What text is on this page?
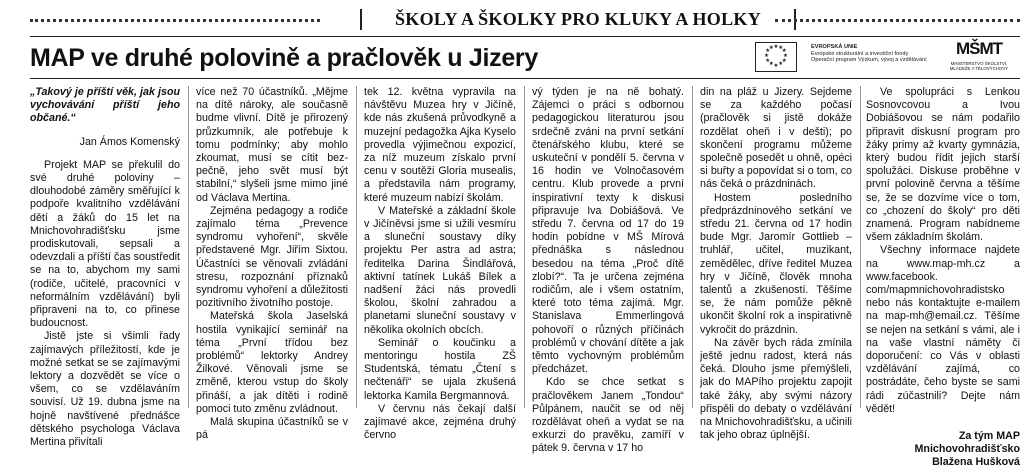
ŠKOLY A ŠKOLKY PRO KLUKY A HOLKY
MAP ve druhé polovině a pračlověk u Jizery	★ ★
★
★
★
★
★
★
★
★
★
★	EVROPSKÁ UNIE
Evropské strukturální a investiční fondy
Operační program Výzkum, vývoj a vzdělávání
MŠMT
MINISTERSTVO ŠKOLSTVÍ,
MLÁDEŽE A TĚLOVÝCHOVY

„Takový je příští věk, jak jsou vychovávání příští jeho občané.“

Jan Ámos Komenský

Projekt MAP se překulil do své druhé poloviny – dlouhodobé záměry směřující k podpoře kvalitního vzdělávání dětí a žáků do 15 let na Mnichovohradišťsku jsme prodiskutovali, sepsali a odevzdali a příští čas soustředit se na to, abychom my sami (rodiče, učitelé, pracovníci v neformálním vzdělávání) byli připraveni na to, co přinese budoucnost.

Jistě jste si všimli řady zajímavých příležitostí, kde je možné setkat se se zajímavými lektory a dozvědět se více o všem, co se vzdělaváním souvisí. Už 19. dubna jsme na hojně navštívené přednášce dětského psychologa Václava Mertina přivítali

více než 70 účastníků. „Mějme na dítě nároky, ale současně budme vlivní. Dítě je přirozený průzkumník, ale potřebuje k tomu podmínky; aby mohlo zkoumat, musí se cítit bezpečně, jeho svět musí být stabilní,“ slyšeli jsme mimo jiné od Václava Mertina.

Zejména pedagogy a rodiče zajímalo téma „Prevence syndromu vyhoření“, skvěle představené Mgr. Jiřím Sixtou. Účastníci se věnovali zvládání stresu, rozpoznání příznaků syndromu vyhoření a důležitosti pozitivního životního postoje.

Mateřská škola Jaselská hostila vynikající seminář na téma „První třídou bez problémů“ lektorky Andrey Žilkové. Věnovali jsme se změně, kterou vstup do školy přináší, a jak dítěti i rodině pomoci tuto změnu zvládnout.

Malá skupina účastníků se v pá

tek 12. května vypravila na návštěvu Muzea hry v Jičíně, kde nás zkušená průvodkyně a muzejní pedagožka Ajka Kyselo provedla výjimečnou expozicí, za níž muzeum získalo první cenu v soutěži Gloria musealis, a představila nám programy, které muzeum nabízí školám.

V Mateřské a základní škole v Jičíněvsi jsme si užili vesmíru a sluneční soustavy díky projektu Per astra ad astra; ředitelka Darina Šindlářová, aktivní tatínek Lukáš Bílek a nadšení žáci nás provedli školou, školní zahradou a planetami sluneční soustavy v několika okolních obcích.

Seminář o koučinku a mentoringu hostila ZŠ Studentská, tématu „Čtení s nečtenáři“ se ujala zkušená lektorka Kamila Bergmannová.

V červnu nás čekají další zajímavé akce, zejména druhý červno

vý týden je na ně bohatý. Zájemci o práci s odbornou pedagogickou literaturou jsou srdečně zváni na první setkání čtenářského klubu, které se uskuteční v pondělí 5. června v 16 hodin ve Volnočasovém centru. Klub provede a první inspirativní texty k diskusi připravuje Iva Dobiášová. Ve středu 7. června od 17 do 19 hodin pobídne v MŠ Mírová přednáška s následnou besedou na téma „Proč dítě zlobí?“. Ta je určena zejména rodičům, ale i všem ostatním, které toto téma zajímá. Mgr. Stanislava Emmerlingová pohovoří o různých příčinách problémů v chování dítěte a jak těmto vychovným problémům předcházet.

Kdo se chce setkat s pračlověkem Janem „Tondou“ Půlpánem, naučit se od něj rozdělávat oheň a vydat se na exkurzi do pravěku, zamíří v pátek 9. června v 17 ho

din na pláž u Jizery. Sejdeme se za každého počasí (pračlověk si jistě dokáže rozdělat oheň i v dešti); po skončení programu můžeme společně posedět u ohně, opéci si buřty a popovídat si o tom, co nás čeká o prázdninách.

Hostem posledního předprázdninového setkání ve středu 21. června od 17 hodin bude Mgr. Jaromír Gottlieb – truhlář, učitel, muzikant, zemědělec, dříve ředitel Muzea hry v Jičíně, člověk mnoha talentů a zkušeností. Těšíme se, že nám pomůže pěkně ukončit školní rok a inspirativně vykročit do prázdnin.

Na závěr bych ráda zmínila ještě jednu radost, která nás čeká. Dlouho jsme přemýšleli, jak do MAPího projektu zapojit také žáky, aby svými názory přispěli do debaty o vzdělávání na Mnichovohradišťsku, a učinili tak jeho obraz úplnější.

Ve spolupráci s Lenkou Sosnovcovou a Ivou Dobiášovou se nám podařilo připravit diskusní program pro žáky primy až kvarty gymnázia, který budou řídit jejich starší spolužáci. Diskuse proběhne v první polovině června a těšíme se, že se dozvíme více o tom, co „chození do školy“ pro děti znamená. Program nabídneme všem základním školám.

Všechny informace najdete na www.map-mh.cz a www.facebook. com/mapmnichovohradistsko nebo nás kontaktujte e-mailem na map-mh@email.cz. Těšíme se nejen na setkání s vámi, ale i na vaše vlastní náměty či doporučení: co Vás v oblasti vzdělávání zajímá, co postrádáte, čeho byste se sami rádi zúčastnili? Dejte nám vědět!

Za tým MAP Mnichovohradišťsko

Blažena Hušková
